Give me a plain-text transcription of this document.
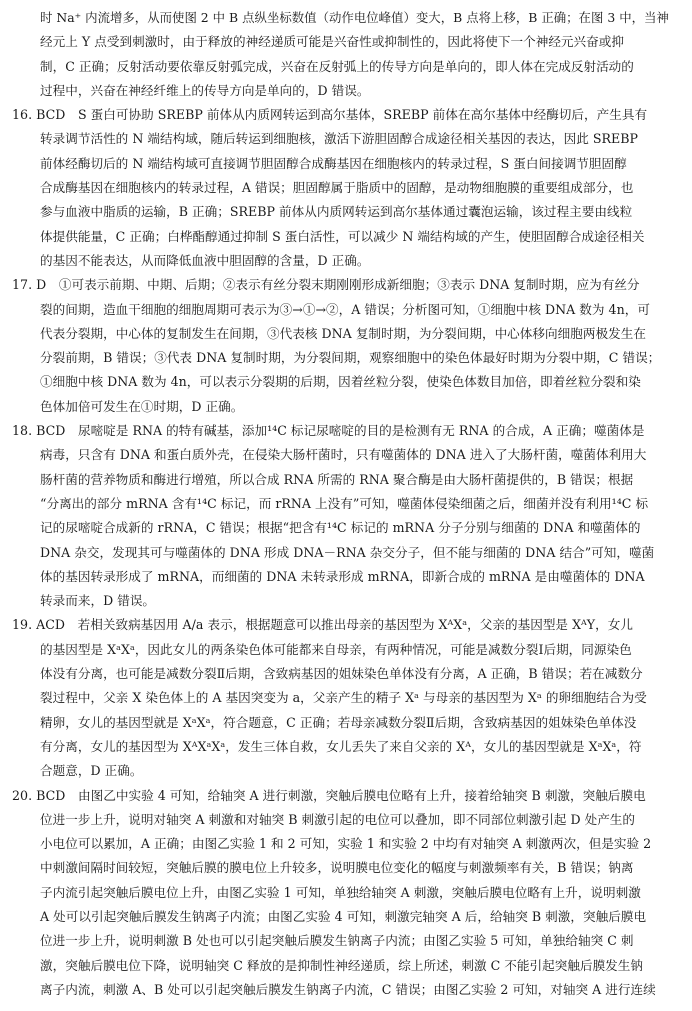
时 Na⁺ 内流增多，从而使图 2 中 B 点纵坐标数值（动作电位峰值）变大，B 点将上移，B 正确；在图 3 中，当神
经元上 Y 点受到刺激时，由于释放的神经递质可能是兴奋性或抑制性的，因此将使下一个神经元兴奋或抑
制，C 正确；反射活动要依靠反射弧完成，兴奋在反射弧上的传导方向是单向的，即人体在完成反射活动的
过程中，兴奋在神经纤维上的传导方向是单向的，D 错误。
16. BCD　S 蛋白可协助 SREBP 前体从内质网转运到高尔基体，SREBP 前体在高尔基体中经酶切后，产生具有
转录调节活性的 N 端结构域，随后转运到细胞核，激活下游胆固醇合成途径相关基因的表达，因此 SREBP
前体经酶切后的 N 端结构域可直接调节胆固醇合成酶基因在细胞核内的转录过程，S 蛋白间接调节胆固醇
合成酶基因在细胞核内的转录过程，A 错误；胆固醇属于脂质中的固醇，是动物细胞膜的重要组成部分，也
参与血液中脂质的运输，B 正确；SREBP 前体从内质网转运到高尔基体通过囊泡运输，该过程主要由线粒
体提供能量，C 正确；白桦酯醇通过抑制 S 蛋白活性，可以减少 N 端结构域的产生，使胆固醇合成途径相关
的基因不能表达，从而降低血液中胆固醇的含量，D 正确。
17. D　①可表示前期、中期、后期；②表示有丝分裂末期刚刚形成新细胞；③表示 DNA 复制时期，应为有丝分
裂的间期，造血干细胞的细胞周期可表示为③→①→②，A 错误；分析图可知，①细胞中核 DNA 数为 4n，可
代表分裂期，中心体的复制发生在间期，③代表核 DNA 复制时期，为分裂间期，中心体移向细胞两极发生在
分裂前期，B 错误；③代表 DNA 复制时期，为分裂间期，观察细胞中的染色体最好时期为分裂中期，C 错误；
①细胞中核 DNA 数为 4n，可以表示分裂期的后期，因着丝粒分裂，使染色体数目加倍，即着丝粒分裂和染
色体加倍可发生在①时期，D 正确。
18. BCD　尿嘧啶是 RNA 的特有碱基，添加¹⁴C 标记尿嘧啶的目的是检测有无 RNA 的合成，A 正确；噬菌体是
病毒，只含有 DNA 和蛋白质外壳，在侵染大肠杆菌时，只有噬菌体的 DNA 进入了大肠杆菌，噬菌体利用大
肠杆菌的营养物质和酶进行增殖，所以合成 RNA 所需的 RNA 聚合酶是由大肠杆菌提供的，B 错误；根据
“分离出的部分 mRNA 含有¹⁴C 标记，而 rRNA 上没有”可知，噬菌体侵染细菌之后，细菌并没有利用¹⁴C 标
记的尿嘧啶合成新的 rRNA，C 错误；根据“把含有¹⁴C 标记的 mRNA 分子分别与细菌的 DNA 和噬菌体的
DNA 杂交，发现其可与噬菌体的 DNA 形成 DNA－RNA 杂交分子，但不能与细菌的 DNA 结合”可知，噬菌
体的基因转录形成了 mRNA，而细菌的 DNA 未转录形成 mRNA，即新合成的 mRNA 是由噬菌体的 DNA
转录而来，D 错误。
19. ACD　若相关致病基因用 A/a 表示，根据题意可以推出母亲的基因型为 XᴬXᵃ，父亲的基因型是 XᴬY，女儿
的基因型是 XᵃXᵃ，因此女儿的两条染色体可能都来自母亲，有两种情况，可能是减数分裂Ⅰ后期，同源染色
体没有分离，也可能是减数分裂Ⅱ后期，含致病基因的姐妹染色单体没有分离，A 正确，B 错误；若在减数分
裂过程中，父亲 X 染色体上的 A 基因突变为 a，父亲产生的精子 Xᵃ 与母亲的基因型为 Xᵃ 的卵细胞结合为受
精卵，女儿的基因型就是 XᵃXᵃ，符合题意，C 正确；若母亲减数分裂Ⅱ后期，含致病基因的姐妹染色单体没
有分离，女儿的基因型为 XᴬXᵃXᵃ，发生三体自救，女儿丢失了来自父亲的 Xᴬ，女儿的基因型就是 XᵃXᵃ，符
合题意，D 正确。
20. BCD　由图乙中实验 4 可知，给轴突 A 进行刺激，突触后膜电位略有上升，接着给轴突 B 刺激，突触后膜电
位进一步上升，说明对轴突 A 刺激和对轴突 B 刺激引起的电位可以叠加，即不同部位刺激引起 D 处产生的
小电位可以累加，A 正确；由图乙实验 1 和 2 可知，实验 1 和实验 2 中均有对轴突 A 刺激两次，但是实验 2
中刺激间隔时间较短，突触后膜的膜电位上升较多，说明膜电位变化的幅度与刺激频率有关，B 错误；钠离
子内流引起突触后膜电位上升，由图乙实验 1 可知，单独给轴突 A 刺激，突触后膜电位略有上升，说明刺激
A 处可以引起突触后膜发生钠离子内流；由图乙实验 4 可知，刺激完轴突 A 后，给轴突 B 刺激，突触后膜电
位进一步上升，说明刺激 B 处也可以引起突触后膜发生钠离子内流；由图乙实验 5 可知，单独给轴突 C 刺
激，突触后膜电位下降，说明轴突 C 释放的是抑制性神经递质，综上所述，刺激 C 不能引起突触后膜发生钠
离子内流，刺激 A、B 处可以引起突触后膜发生钠离子内流，C 错误；由图乙实验 2 可知，对轴突 A 进行连续
